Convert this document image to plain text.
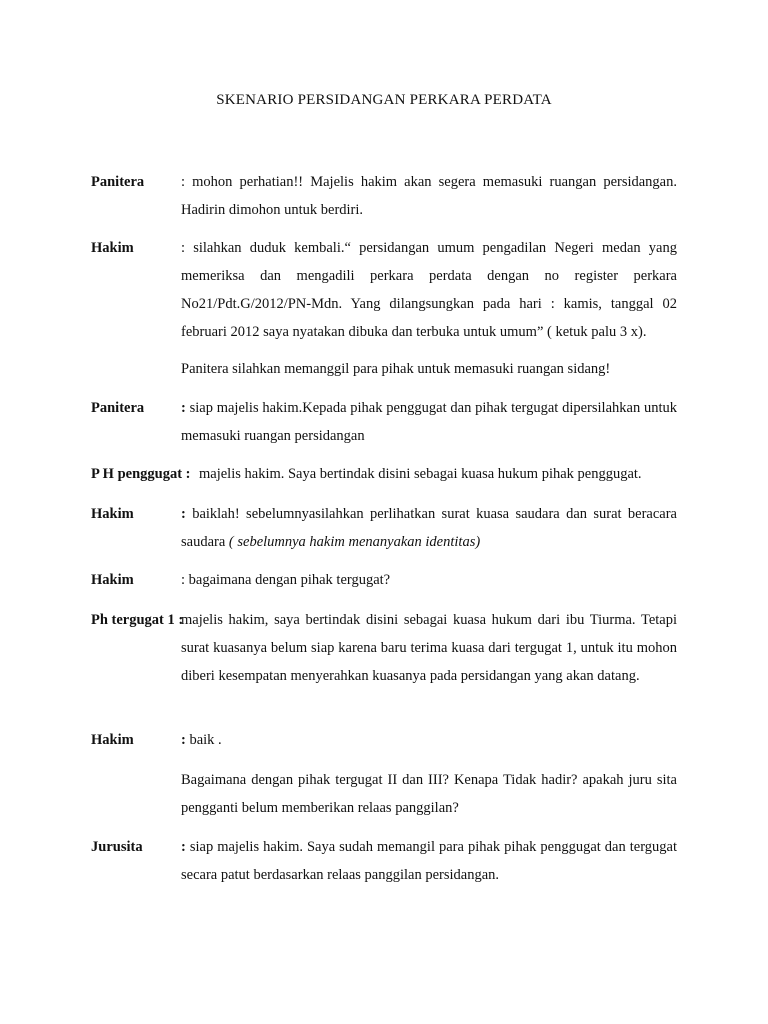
SKENARIO PERSIDANGAN PERKARA PERDATA
Panitera	: mohon perhatian!! Majelis hakim akan segera memasuki ruangan persidangan. Hadirin dimohon untuk berdiri.
Hakim	: silahkan duduk kembali.“ persidangan umum pengadilan Negeri medan yang memeriksa dan mengadili perkara perdata dengan no register perkara No21/Pdt.G/2012/PN-Mdn. Yang dilangsungkan pada hari : kamis, tanggal 02 februari 2012 saya nyatakan dibuka dan terbuka untuk umum” ( ketuk palu 3 x).
Panitera silahkan memanggil para pihak untuk memasuki ruangan sidang!
Panitera	: siap majelis hakim.Kepada pihak penggugat dan pihak tergugat dipersilahkan untuk memasuki ruangan persidangan
P H penggugat : majelis hakim. Saya bertindak disini sebagai kuasa hukum pihak penggugat.
Hakim	: baiklah! sebelumnyasilahkan perlihatkan surat kuasa saudara dan surat beracara saudara ( sebelumnya hakim menanyakan identitas)
Hakim	: bagaimana dengan pihak tergugat?
Ph tergugat 1 :
majelis hakim, saya bertindak disini sebagai kuasa hukum dari ibu Tiurma. Tetapi surat kuasanya belum siap karena baru terima kuasa dari tergugat 1, untuk itu mohon diberi kesempatan menyerahkan kuasanya pada persidangan yang akan datang.
Hakim	: baik .
Bagaimana dengan pihak tergugat II dan III? Kenapa Tidak hadir? apakah juru sita pengganti belum memberikan relaas panggilan?
Jurusita	: siap majelis hakim. Saya sudah memangil para pihak pihak penggugat dan tergugat secara patut berdasarkan relaas panggilan persidangan.
